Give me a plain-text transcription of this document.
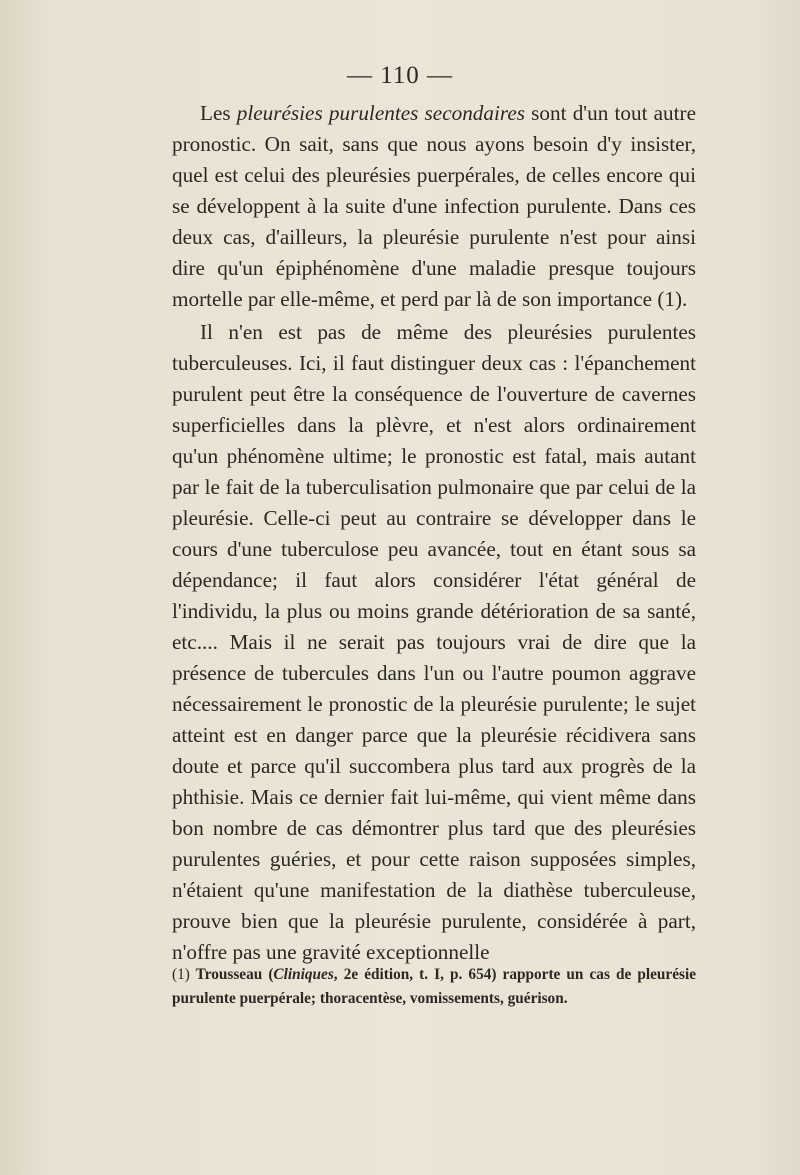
— 110 —

Les pleurésies purulentes secondaires sont d'un tout autre pronostic. On sait, sans que nous ayons besoin d'y insister, quel est celui des pleurésies puerpérales, de celles encore qui se développent à la suite d'une infection purulente. Dans ces deux cas, d'ailleurs, la pleurésie purulente n'est pour ainsi dire qu'un épiphénomène d'une maladie presque toujours mortelle par elle-même, et perd par là de son importance (1).

Il n'en est pas de même des pleurésies purulentes tuberculeuses. Ici, il faut distinguer deux cas : l'épanchement purulent peut être la conséquence de l'ouverture de cavernes superficielles dans la plèvre, et n'est alors ordinairement qu'un phénomène ultime; le pronostic est fatal, mais autant par le fait de la tuberculisation pulmonaire que par celui de la pleurésie. Celle-ci peut au contraire se développer dans le cours d'une tuberculose peu avancée, tout en étant sous sa dépendance; il faut alors considérer l'état général de l'individu, la plus ou moins grande détérioration de sa santé, etc.... Mais il ne serait pas toujours vrai de dire que la présence de tubercules dans l'un ou l'autre poumon aggrave nécessairement le pronostic de la pleurésie purulente; le sujet atteint est en danger parce que la pleurésie récidivera sans doute et parce qu'il succombera plus tard aux progrès de la phthisie. Mais ce dernier fait lui-même, qui vient même dans bon nombre de cas démontrer plus tard que des pleurésies purulentes guéries, et pour cette raison supposées simples, n'étaient qu'une manifestation de la diathèse tuberculeuse, prouve bien que la pleurésie purulente, considérée à part, n'offre pas une gravité exceptionnelle

(1) Trousseau (Cliniques, 2e édition, t. I, p. 654) rapporte un cas de pleurésie purulente puerpérale; thoracentèse, vomissements, guérison.
